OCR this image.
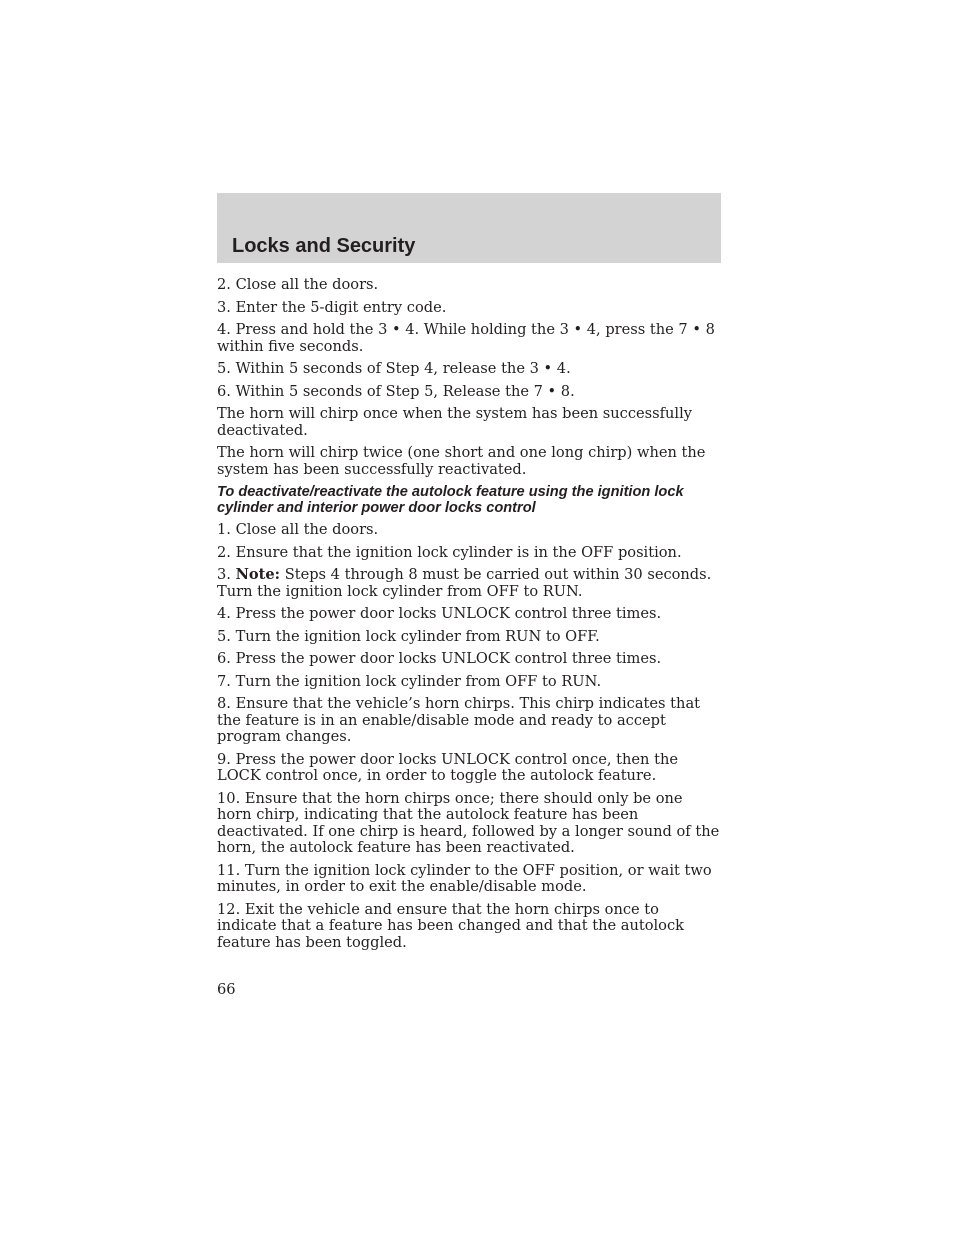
Locks and Security

2. Close all the doors.

3. Enter the 5-digit entry code.

4. Press and hold the 3 • 4. While holding the 3 • 4, press the 7 • 8 within five seconds.

5. Within 5 seconds of Step 4, release the 3 • 4.

6. Within 5 seconds of Step 5, Release the 7 • 8.

The horn will chirp once when the system has been successfully deactivated.

The horn will chirp twice (one short and one long chirp) when the system has been successfully reactivated.

To deactivate/reactivate the autolock feature using the ignition lock cylinder and interior power door locks control

1. Close all the doors.

2. Ensure that the ignition lock cylinder is in the OFF position.

3. Note: Steps 4 through 8 must be carried out within 30 seconds. Turn the ignition lock cylinder from OFF to RUN.

4. Press the power door locks UNLOCK control three times.

5. Turn the ignition lock cylinder from RUN to OFF.

6. Press the power door locks UNLOCK control three times.

7. Turn the ignition lock cylinder from OFF to RUN.

8. Ensure that the vehicle’s horn chirps. This chirp indicates that the feature is in an enable/disable mode and ready to accept program changes.

9. Press the power door locks UNLOCK control once, then the LOCK control once, in order to toggle the autolock feature.

10. Ensure that the horn chirps once; there should only be one horn chirp, indicating that the autolock feature has been deactivated. If one chirp is heard, followed by a longer sound of the horn, the autolock feature has been reactivated.

11. Turn the ignition lock cylinder to the OFF position, or wait two minutes, in order to exit the enable/disable mode.

12. Exit the vehicle and ensure that the horn chirps once to indicate that a feature has been changed and that the autolock feature has been toggled.

66
